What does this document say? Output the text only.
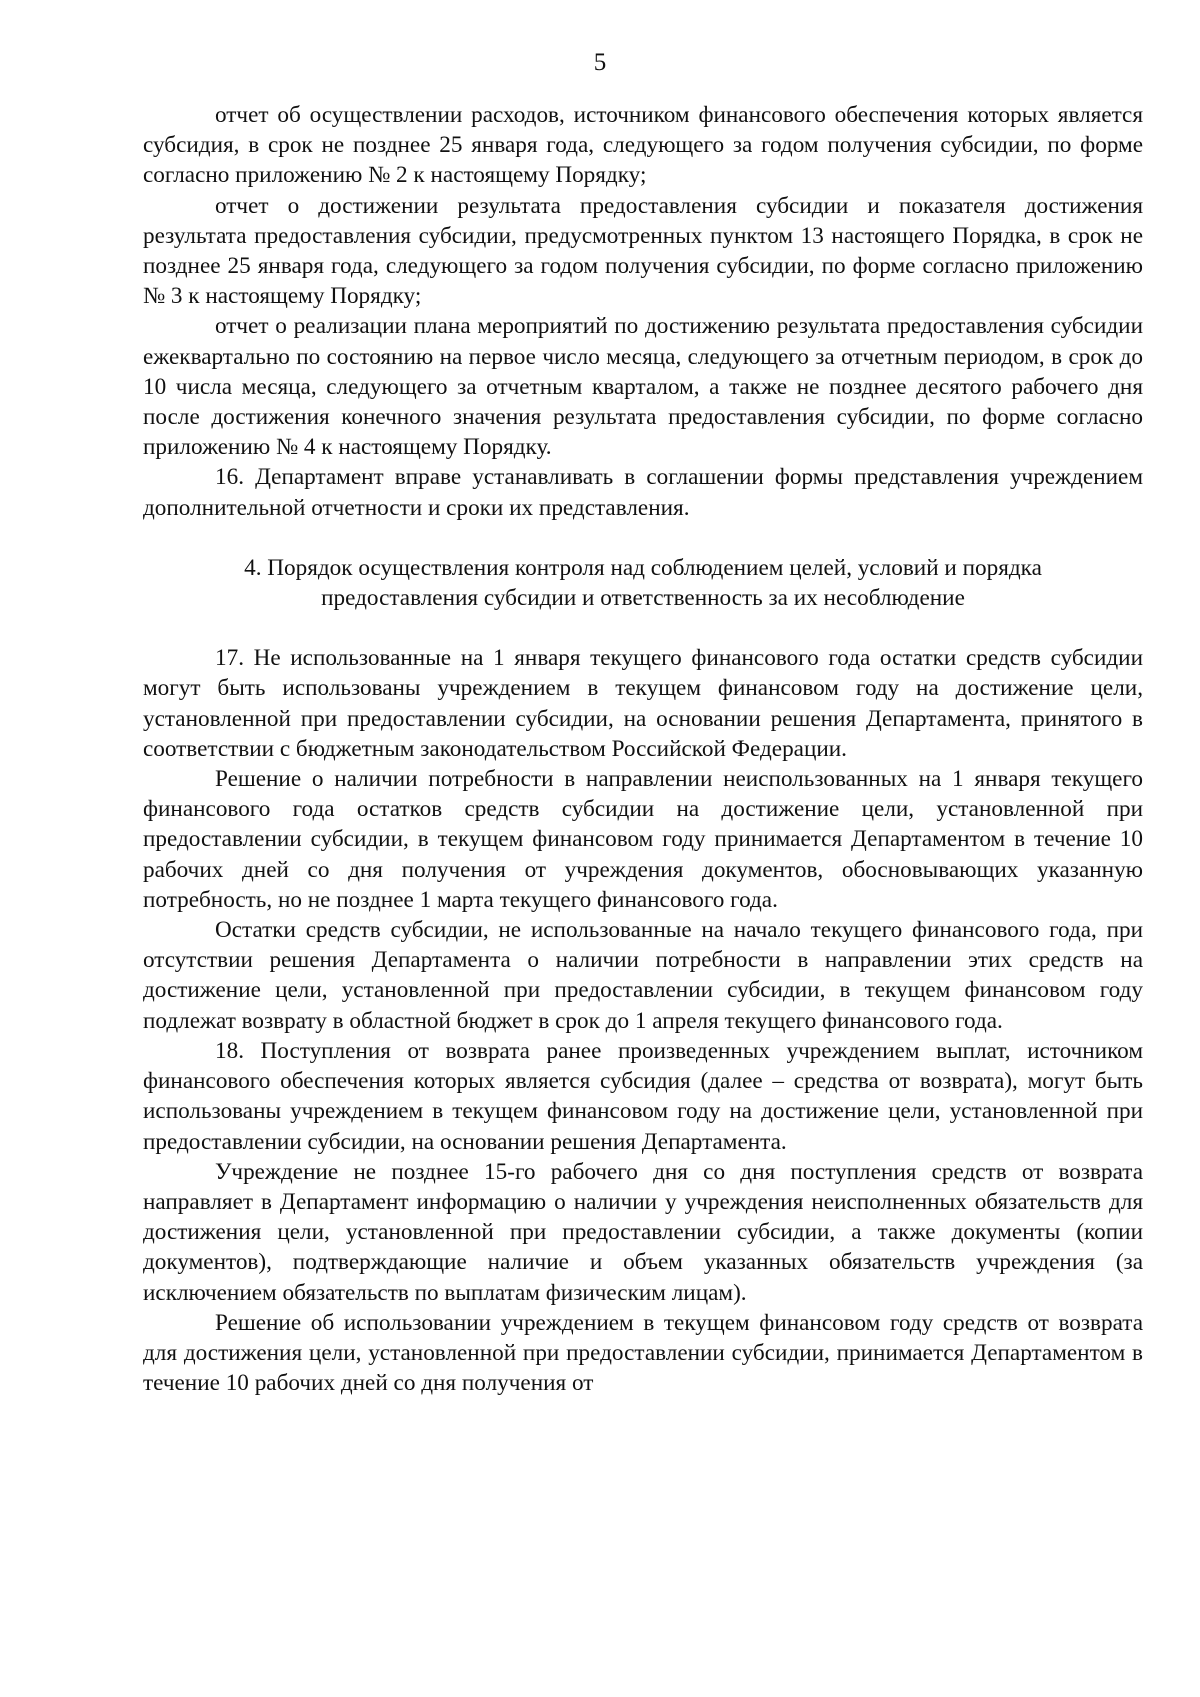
5

отчет об осуществлении расходов, источником финансового обеспечения которых является субсидия, в срок не позднее 25 января года, следующего за годом получения субсидии, по форме согласно приложению № 2 к настоящему Порядку;

отчет о достижении результата предоставления субсидии и показателя достижения результата предоставления субсидии, предусмотренных пунктом 13 настоящего Порядка, в срок не позднее 25 января года, следующего за годом получения субсидии, по форме согласно приложению № 3 к настоящему Порядку;

отчет о реализации плана мероприятий по достижению результата предоставления субсидии ежеквартально по состоянию на первое число месяца, следующего за отчетным периодом, в срок до 10 числа месяца, следующего за отчетным кварталом, а также не позднее десятого рабочего дня после достижения конечного значения результата предоставления субсидии, по форме согласно приложению № 4 к настоящему Порядку.

16. Департамент вправе устанавливать в соглашении формы представления учреждением дополнительной отчетности и сроки их представления.

4. Порядок осуществления контроля над соблюдением целей, условий и порядка
предоставления субсидии и ответственность за их несоблюдение

17. Не использованные на 1 января текущего финансового года остатки средств субсидии могут быть использованы учреждением в текущем финансовом году на достижение цели, установленной при предоставлении субсидии, на основании решения Департамента, принятого в соответствии с бюджетным законодательством Российской Федерации.

Решение о наличии потребности в направлении неиспользованных на 1 января текущего финансового года остатков средств субсидии на достижение цели, установленной при предоставлении субсидии, в текущем финансовом году принимается Департаментом в течение 10 рабочих дней со дня получения от учреждения документов, обосновывающих указанную потребность, но не позднее 1 марта текущего финансового года.

Остатки средств субсидии, не использованные на начало текущего финансового года, при отсутствии решения Департамента о наличии потребности в направлении этих средств на достижение цели, установленной при предоставлении субсидии, в текущем финансовом году подлежат возврату в областной бюджет в срок до 1 апреля текущего финансового года.

18. Поступления от возврата ранее произведенных учреждением выплат, источником финансового обеспечения которых является субсидия (далее – средства от возврата), могут быть использованы учреждением в текущем финансовом году на достижение цели, установленной при предоставлении субсидии, на основании решения Департамента.

Учреждение не позднее 15-го рабочего дня со дня поступления средств от возврата направляет в Департамент информацию о наличии у учреждения неисполненных обязательств для достижения цели, установленной при предоставлении субсидии, а также документы (копии документов), подтверждающие наличие и объем указанных обязательств учреждения (за исключением обязательств по выплатам физическим лицам).

Решение об использовании учреждением в текущем финансовом году средств от возврата для достижения цели, установленной при предоставлении субсидии, принимается Департаментом в течение 10 рабочих дней со дня получения от
